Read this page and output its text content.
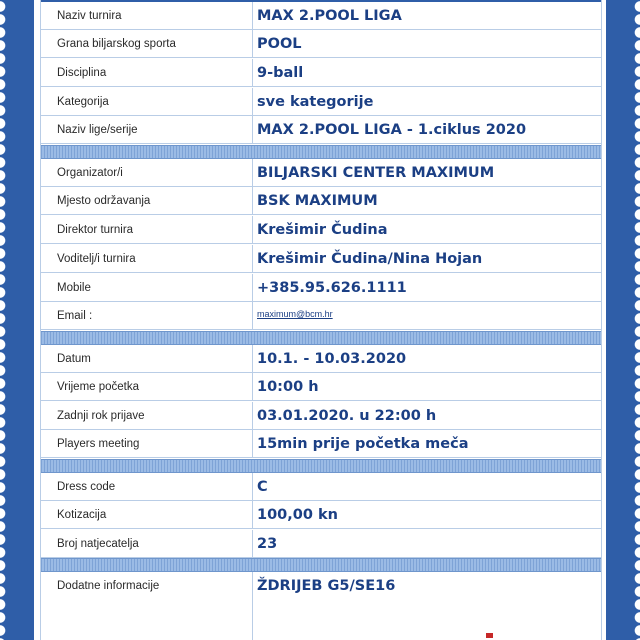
Naziv turnira	MAX 2.POOL LIGA
Grana biljarskog sporta	POOL
Disciplina	9-ball
Kategorija	sve kategorije
Naziv lige/serije	MAX 2.POOL LIGA - 1.ciklus 2020
Organizator/i	BILJARSKI CENTER MAXIMUM
Mjesto održavanja	BSK MAXIMUM
Direktor turnira	Krešimir Čudina
Voditelj/i turnira	Krešimir Čudina/Nina Hojan
Mobile	+385.95.626.1111
Email :	maximum@bcm.hr
Datum	10.1. - 10.03.2020
Vrijeme početka	10:00 h
Zadnji rok prijave	03.01.2020. u 22:00 h
Players meeting	15min prije početka meča
Dress code	C
Kotizacija	100,00 kn
Broj natjecatelja	23
Dodatne informacije	ŽDRIJEB G5/SE16
